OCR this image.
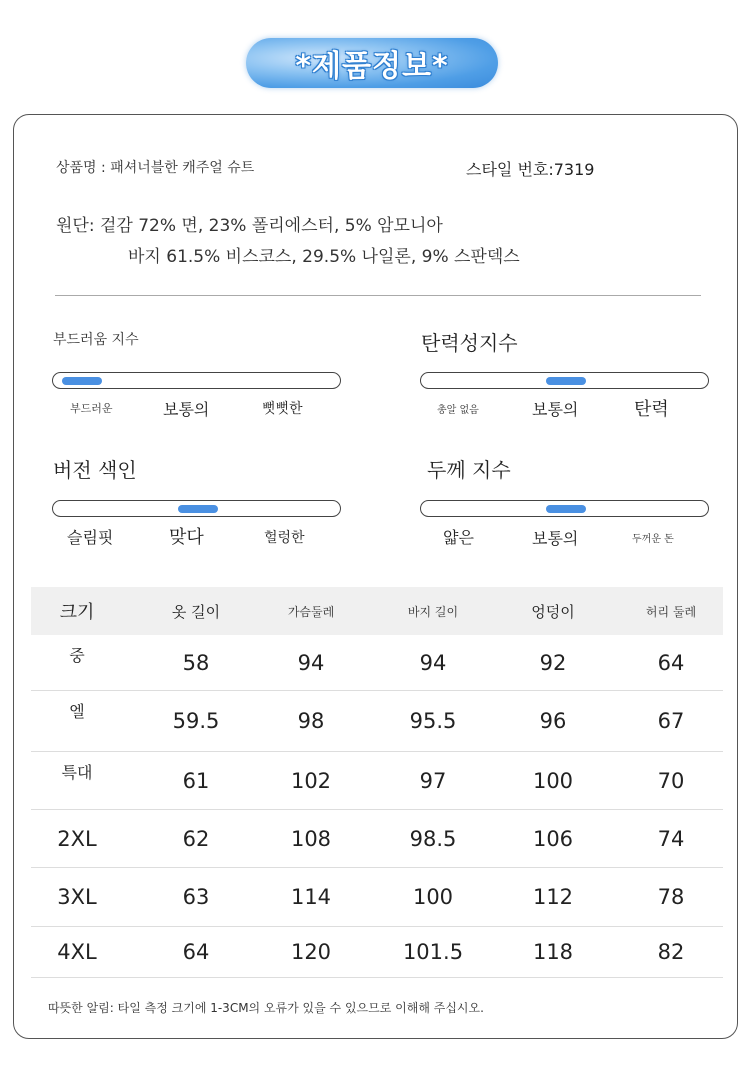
*제품정보*
상품명 : 패셔너블한 캐주얼 슈트	스타일 번호:7319
원단: 겉감 72% 면, 23% 폴리에스터, 5% 암모니아
바지 61.5% 비스코스, 29.5% 나일론, 9% 스판덱스
부드러움 지수
부드러운	보통의	뻣뻣한
탄력성지수
총알 없음	보통의	탄력
버전 색인
슬림핏	맞다	헐렁한
두께 지수
얇은	보통의	두꺼운 돈
크기	옷 길이	가슴둘레	바지 길이	엉덩이	허리 둘레
중	58	94	94	92	64
엘	59.5	98	95.5	96	67
특대	61	102	97	100	70
2XL	62	108	98.5	106	74
3XL	63	114	100	112	78
4XL	64	120	101.5	118	82
따뜻한 알림: 타일 측정 크기에 1-3CM의 오류가 있을 수 있으므로 이해해 주십시오.
